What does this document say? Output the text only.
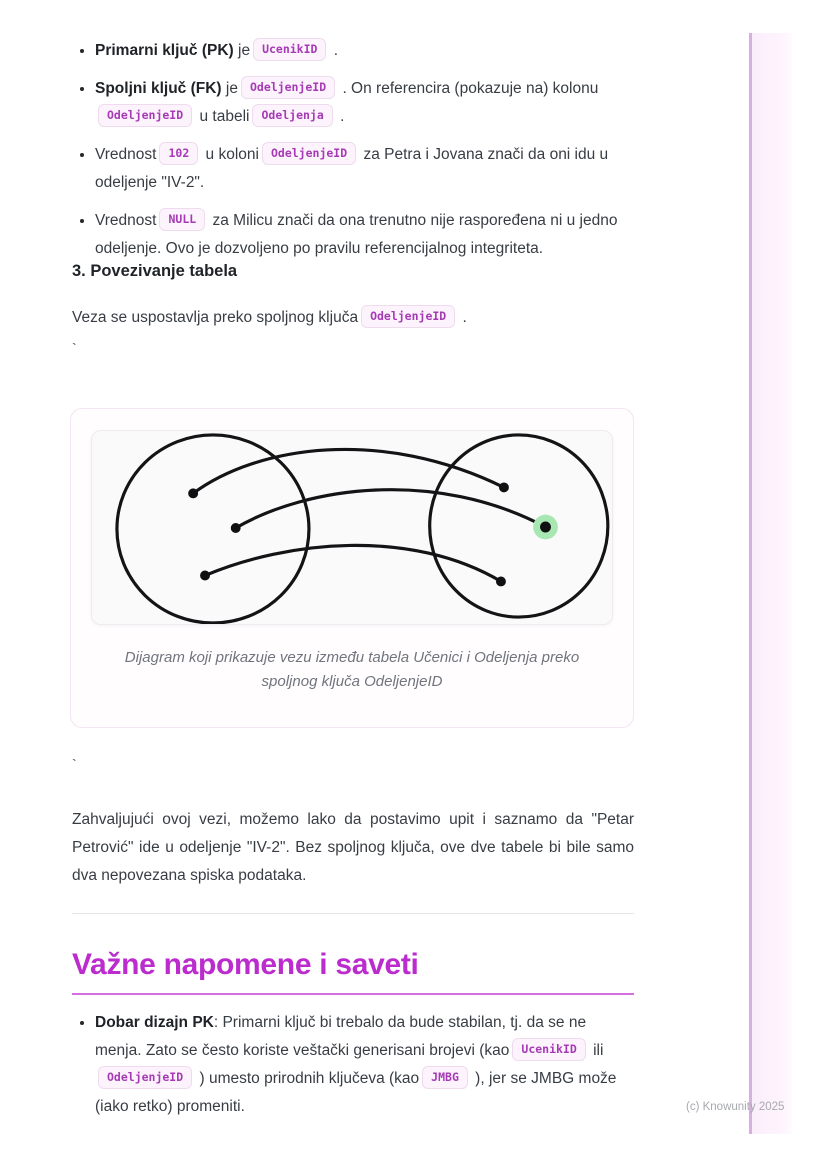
• Primarni ključ (PK) je UcenikID .
• Spoljni ključ (FK) je OdeljenjeID . On referencira (pokazuje na) kolonuOdeljenjeID u tabeli Odeljenja .
• Vrednost 102 u koloni OdeljenjeID za Petra i Jovana znači da oni idu u odeljenje "IV-2".
• Vrednost NULL za Milicu znači da ona trenutno nije raspoređena ni u jedno odeljenje. Ovo je dozvoljeno po pravilu referencijalnog integriteta.
3. Povezivanje tabela
Veza se uspostavlja preko spoljnog ključa OdeljenjeID .
`
Dijagram koji prikazuje vezu između tabela Učenici i Odeljenja preko spoljnog ključa OdeljenjeID
`

Zahvaljujući ovoj vezi, možemo lako da postavimo upit i saznamo da "Petar Petrović" ide u odeljenje "IV-2". Bez spoljnog ključa, ove dve tabele bi bile samo dva nepovezana spiska podataka.

Važne napomene i saveti
• Dobar dizajn PK: Primarni ključ bi trebalo da bude stabilan, tj. da se ne menja. Zato se često koriste veštački generisani brojevi (kao UcenikID iliOdeljenjeID ) umesto prirodnih ključeva (kao JMBG ), jer se JMBG može (iako retko) promeniti.	(c) Knowunity 2025
